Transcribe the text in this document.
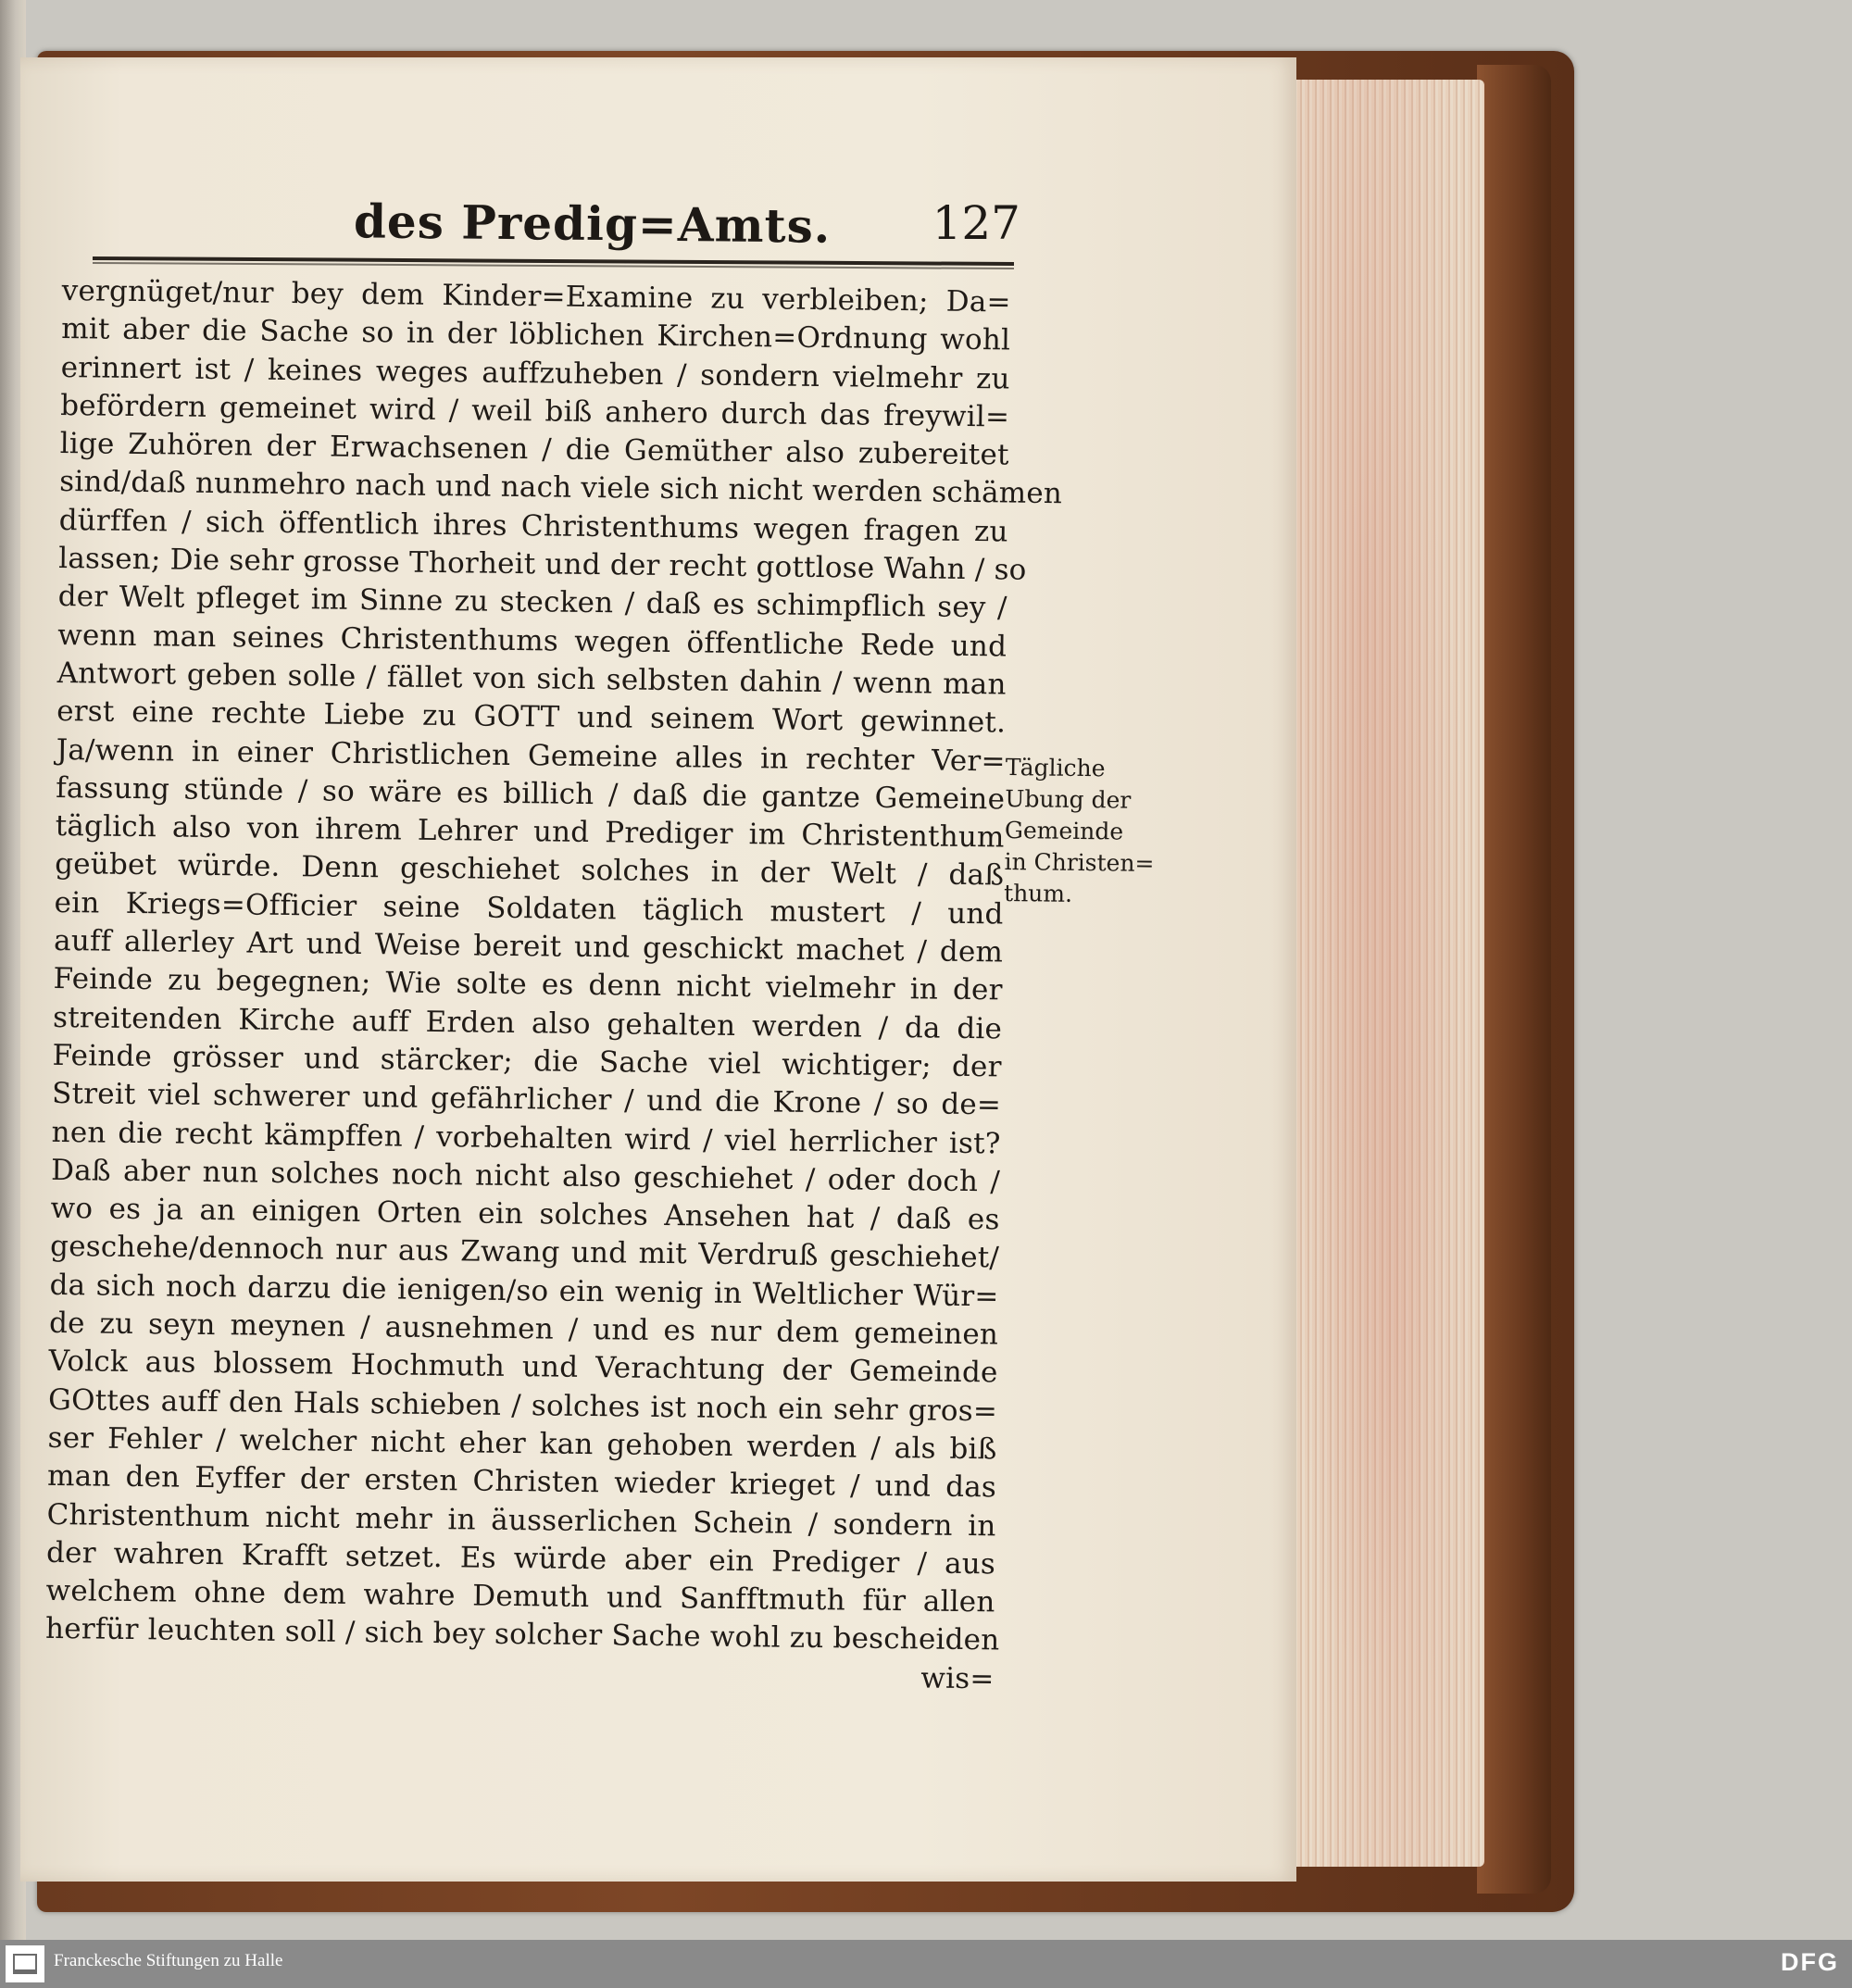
des Predig=Amts. 127
vergnüget/nur bey dem Kinder=Examine zu verbleiben; Da=
mit aber die Sache so in der löblichen Kirchen=Ordnung wohl
erinnert ist / keines weges auffzuheben / sondern vielmehr zu
befördern gemeinet wird / weil biß anhero durch das freywil=
lige Zuhören der Erwachsenen / die Gemüther also zubereitet
sind/daß nunmehro nach und nach viele sich nicht werden schämen
dürffen / sich öffentlich ihres Christenthums wegen fragen zu
lassen; Die sehr grosse Thorheit und der recht gottlose Wahn / so
der Welt pfleget im Sinne zu stecken / daß es schimpflich sey /
wenn man seines Christenthums wegen öffentliche Rede und
Antwort geben solle / fället von sich selbsten dahin / wenn man
erst eine rechte Liebe zu GOTT und seinem Wort gewinnet.
Ja/wenn in einer Christlichen Gemeine alles in rechter Ver=
fassung stünde / so wäre es billich / daß die gantze Gemeine
täglich also von ihrem Lehrer und Prediger im Christenthum
geübet würde. Denn geschiehet solches in der Welt / daß
ein Kriegs=Officier seine Soldaten täglich mustert / und
auff allerley Art und Weise bereit und geschickt machet / dem
Feinde zu begegnen; Wie solte es denn nicht vielmehr in der
streitenden Kirche auff Erden also gehalten werden / da die
Feinde grösser und stärcker; die Sache viel wichtiger; der
Streit viel schwerer und gefährlicher / und die Krone / so de=
nen die recht kämpffen / vorbehalten wird / viel herrlicher ist?
Daß aber nun solches noch nicht also geschiehet / oder doch /
wo es ja an einigen Orten ein solches Ansehen hat / daß es
geschehe/dennoch nur aus Zwang und mit Verdruß geschiehet/
da sich noch darzu die ienigen/so ein wenig in Weltlicher Wür=
de zu seyn meynen / ausnehmen / und es nur dem gemeinen
Volck aus blossem Hochmuth und Verachtung der Gemeinde
GOttes auff den Hals schieben / solches ist noch ein sehr gros=
ser Fehler / welcher nicht eher kan gehoben werden / als biß
man den Eyffer der ersten Christen wieder krieget / und das
Christenthum nicht mehr in äusserlichen Schein / sondern in
der wahren Krafft setzet. Es würde aber ein Prediger / aus
welchem ohne dem wahre Demuth und Sanfftmuth für allen
herfür leuchten soll / sich bey solcher Sache wohl zu bescheiden
wis=
Tägliche
Ubung der
Gemeinde
in Christen=
thum.
Franckesche Stiftungen zu Halle	DFG
